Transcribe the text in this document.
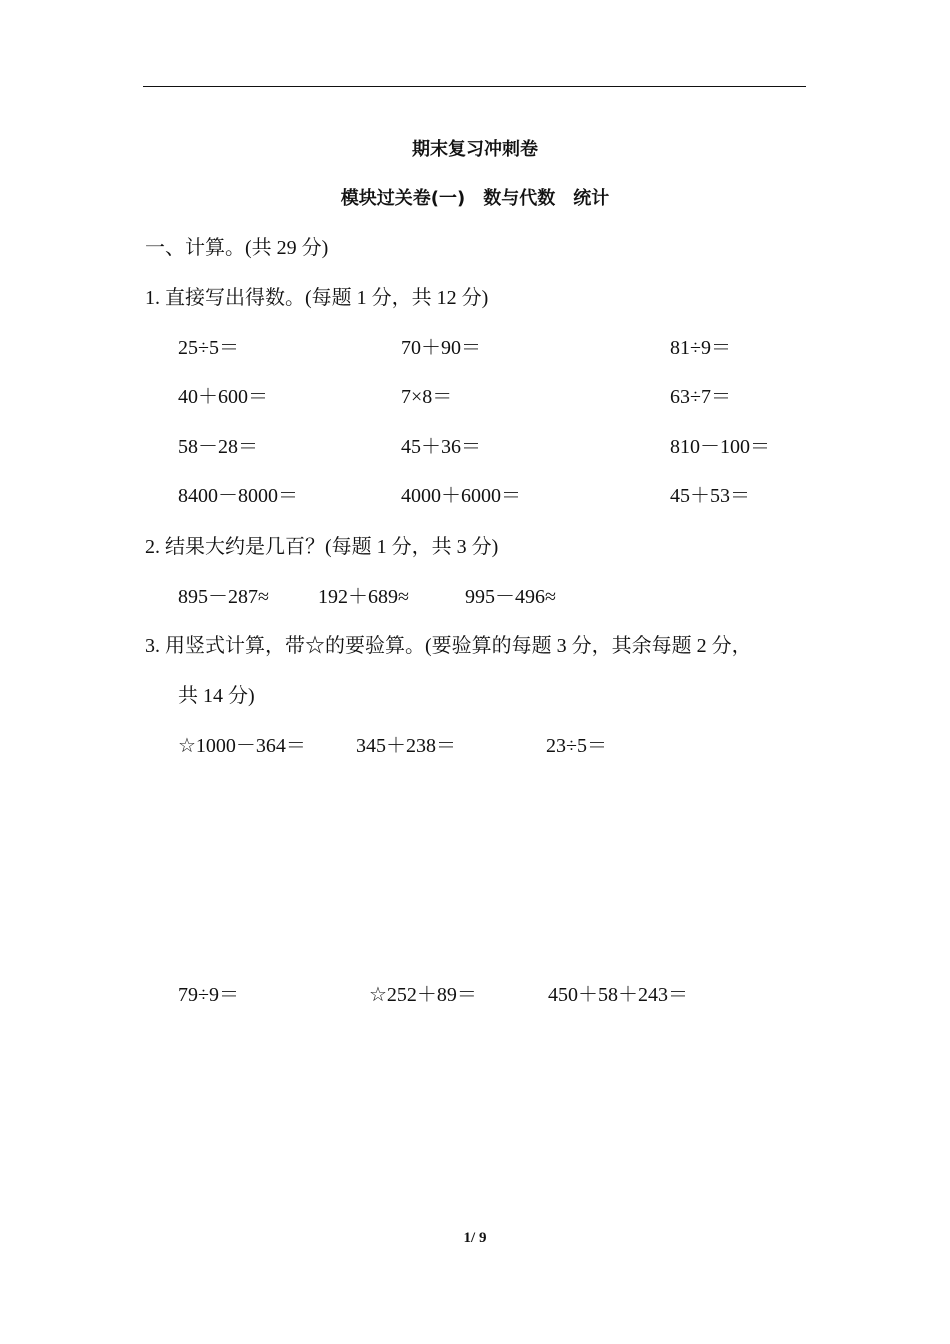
期末复习冲刺卷
模块过关卷(一)　数与代数　统计
一、计算。(共 29 分)
1. 直接写出得数。(每题 1 分，共 12 分)
25÷5＝	70＋90＝	81÷9＝
40＋600＝	7×8＝	63÷7＝
58－28＝	45＋36＝	810－100＝
8400－8000＝	4000＋6000＝	45＋53＝
2. 结果大约是几百？(每题 1 分，共 3 分)
895－287≈ 192＋689≈	995－496≈
3. 用竖式计算，带☆的要验算。(要验算的每题 3 分，其余每题 2 分，
共 14 分)
☆1000－364＝	345＋238＝	23÷5＝
79÷9＝	☆252＋89＝	450＋58＋243＝
1/ 9
